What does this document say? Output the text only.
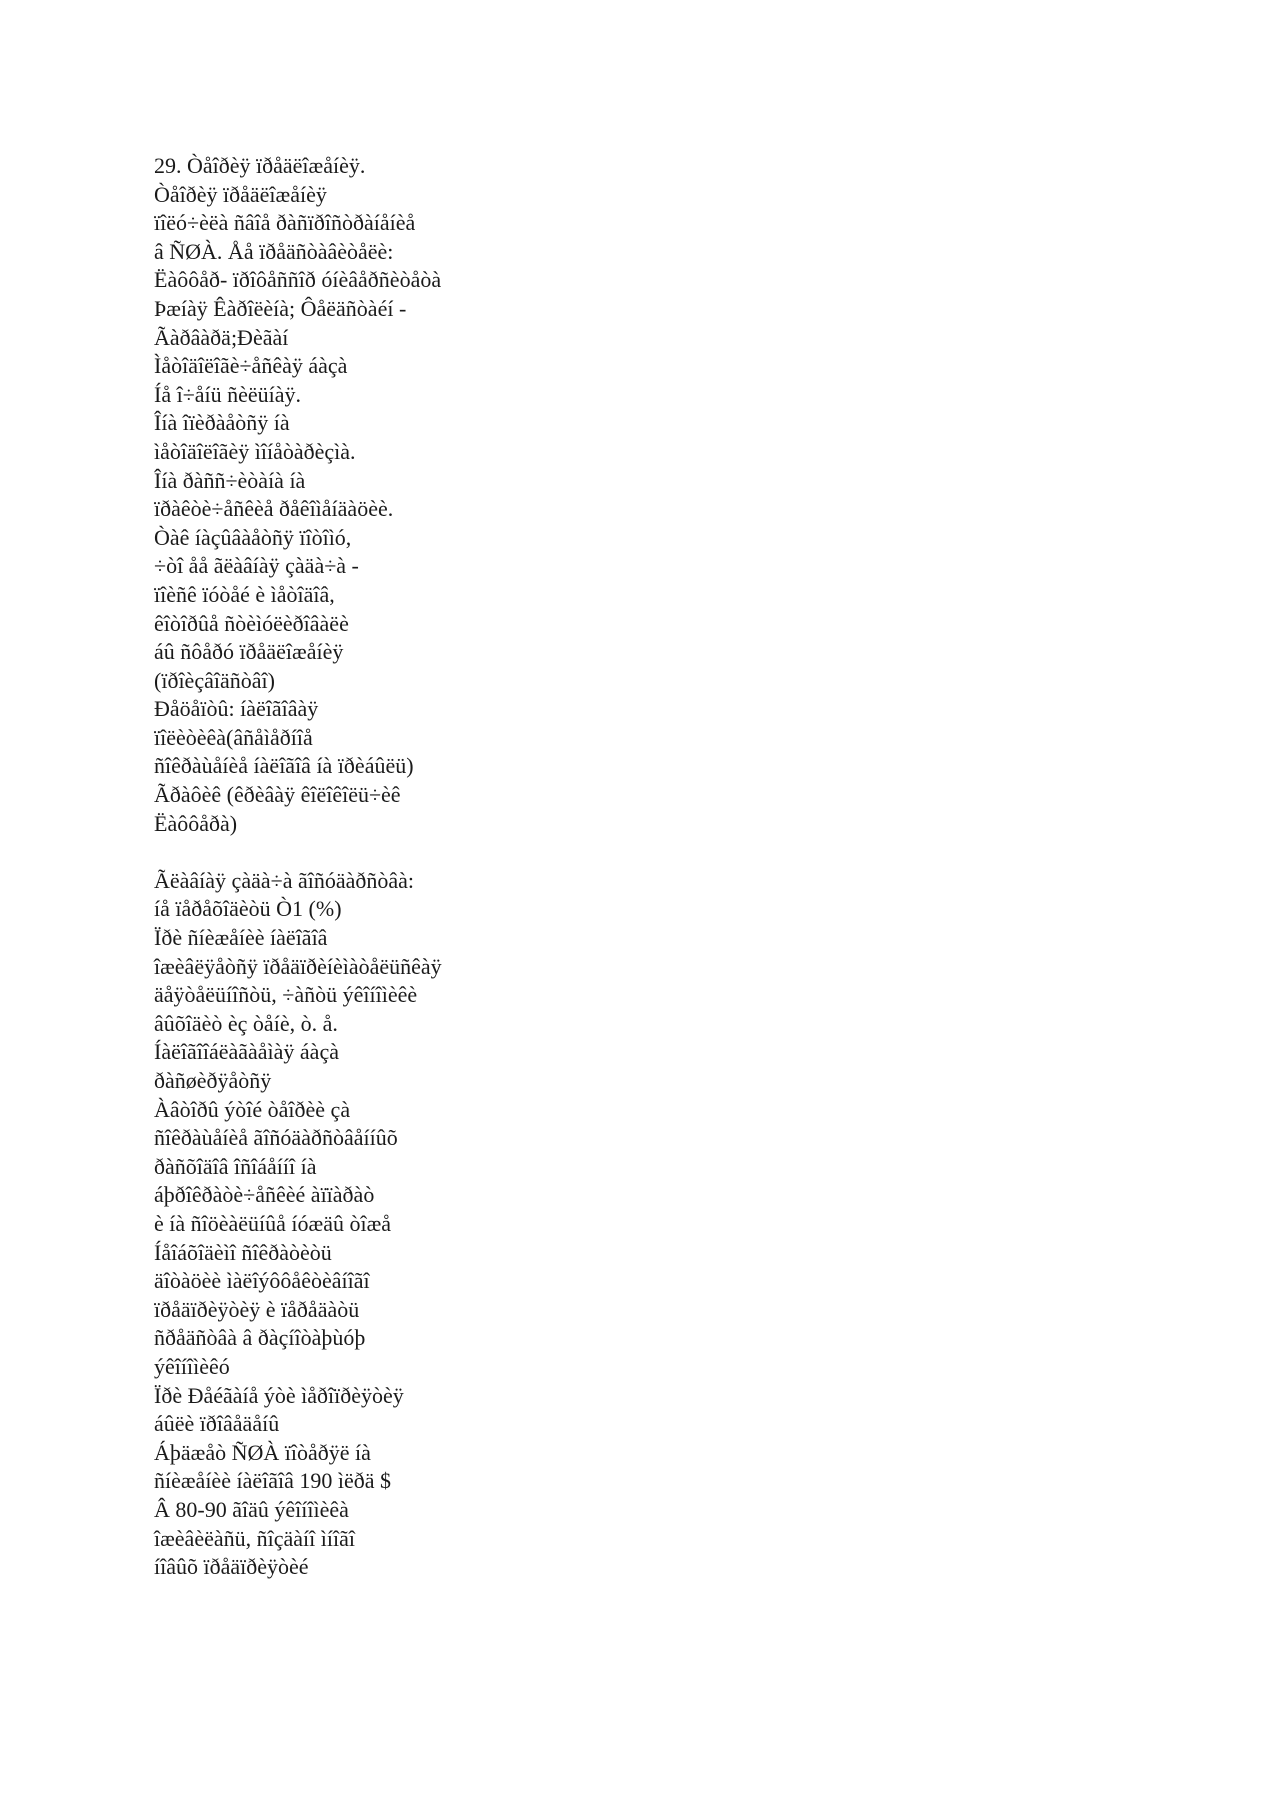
29. Òåîðèÿ ïðåäëîæåíèÿ.
Òåîðèÿ ïðåäëîæåíèÿ
ïîëó÷èëà ñâîå ðàñïðîñòðàíåíèå
â ÑØÀ. Åå ïðåäñòàâèòåëè:
Ëàôôåð- ïðîôåññîð óíèâåðñèòåòà
Þæíàÿ Êàðîëèíà; Ôåëäñòàéí -
Ãàðâàðä;Ðèãàí
Ìåòîäîëîãè÷åñêàÿ áàçà
Íå î÷åíü ñèëüíàÿ.
Îíà îïèðàåòñÿ íà
ìåòîäîëîãèÿ ìîíåòàðèçìà.
Îíà ðàññ÷èòàíà íà
ïðàêòè÷åñêèå ðåêîìåíäàöèè.
Òàê íàçûâàåòñÿ ïîòîìó,
÷òî åå ãëàâíàÿ çàäà÷à -
ïîèñê ïóòåé è ìåòîäîâ,
êîòîðûå ñòèìóëèðîâàëè
áû ñôåðó ïðåäëîæåíèÿ
(ïðîèçâîäñòâî)
Ðåöåïòû: íàëîãîâàÿ
ïîëèòèêà(âñåìåðíîå
ñîêðàùåíèå íàëîãîâ íà ïðèáûëü)
Ãðàôèê (êðèâàÿ êîëîêîëü÷èê
Ëàôôåðà)
Ãëàâíàÿ çàäà÷à ãîñóäàðñòâà:
íå ïåðåõîäèòü Ò1 (%)
Ïðè ñíèæåíèè íàëîãîâ
îæèâëÿåòñÿ ïðåäïðèíèìàòåëüñêàÿ
äåÿòåëüíîñòü, ÷àñòü ýêîíîìèêè
âûõîäèò èç òåíè, ò. å.
Íàëîãîîáëàãàåìàÿ áàçà
ðàñøèðÿåòñÿ
Àâòîðû ýòîé òåîðèè çà
ñîêðàùåíèå ãîñóäàðñòâåííûõ
ðàñõîäîâ îñîáåííî íà
áþðîêðàòè÷åñêèé àïïàðàò
è íà ñîöèàëüíûå íóæäû òîæå
Íåîáõîäèìî ñîêðàòèòü
äîòàöèè ìàëîýôôåêòèâíîãî
ïðåäïðèÿòèÿ è ïåðåäàòü
ñðåäñòâà â ðàçíîòàþùóþ
ýêîíîìèêó
Ïðè Ðåéãàíå ýòè ìåðîïðèÿòèÿ
áûëè ïðîâåäåíû
Áþäæåò ÑØÀ ïîòåðÿë íà
ñíèæåíèè íàëîãîâ 190 ìëðä $
Â 80-90 ãîäû ýêîíîìèêà
îæèâèëàñü, ñîçäàíî ìíîãî
íîâûõ ïðåäïðèÿòèé
